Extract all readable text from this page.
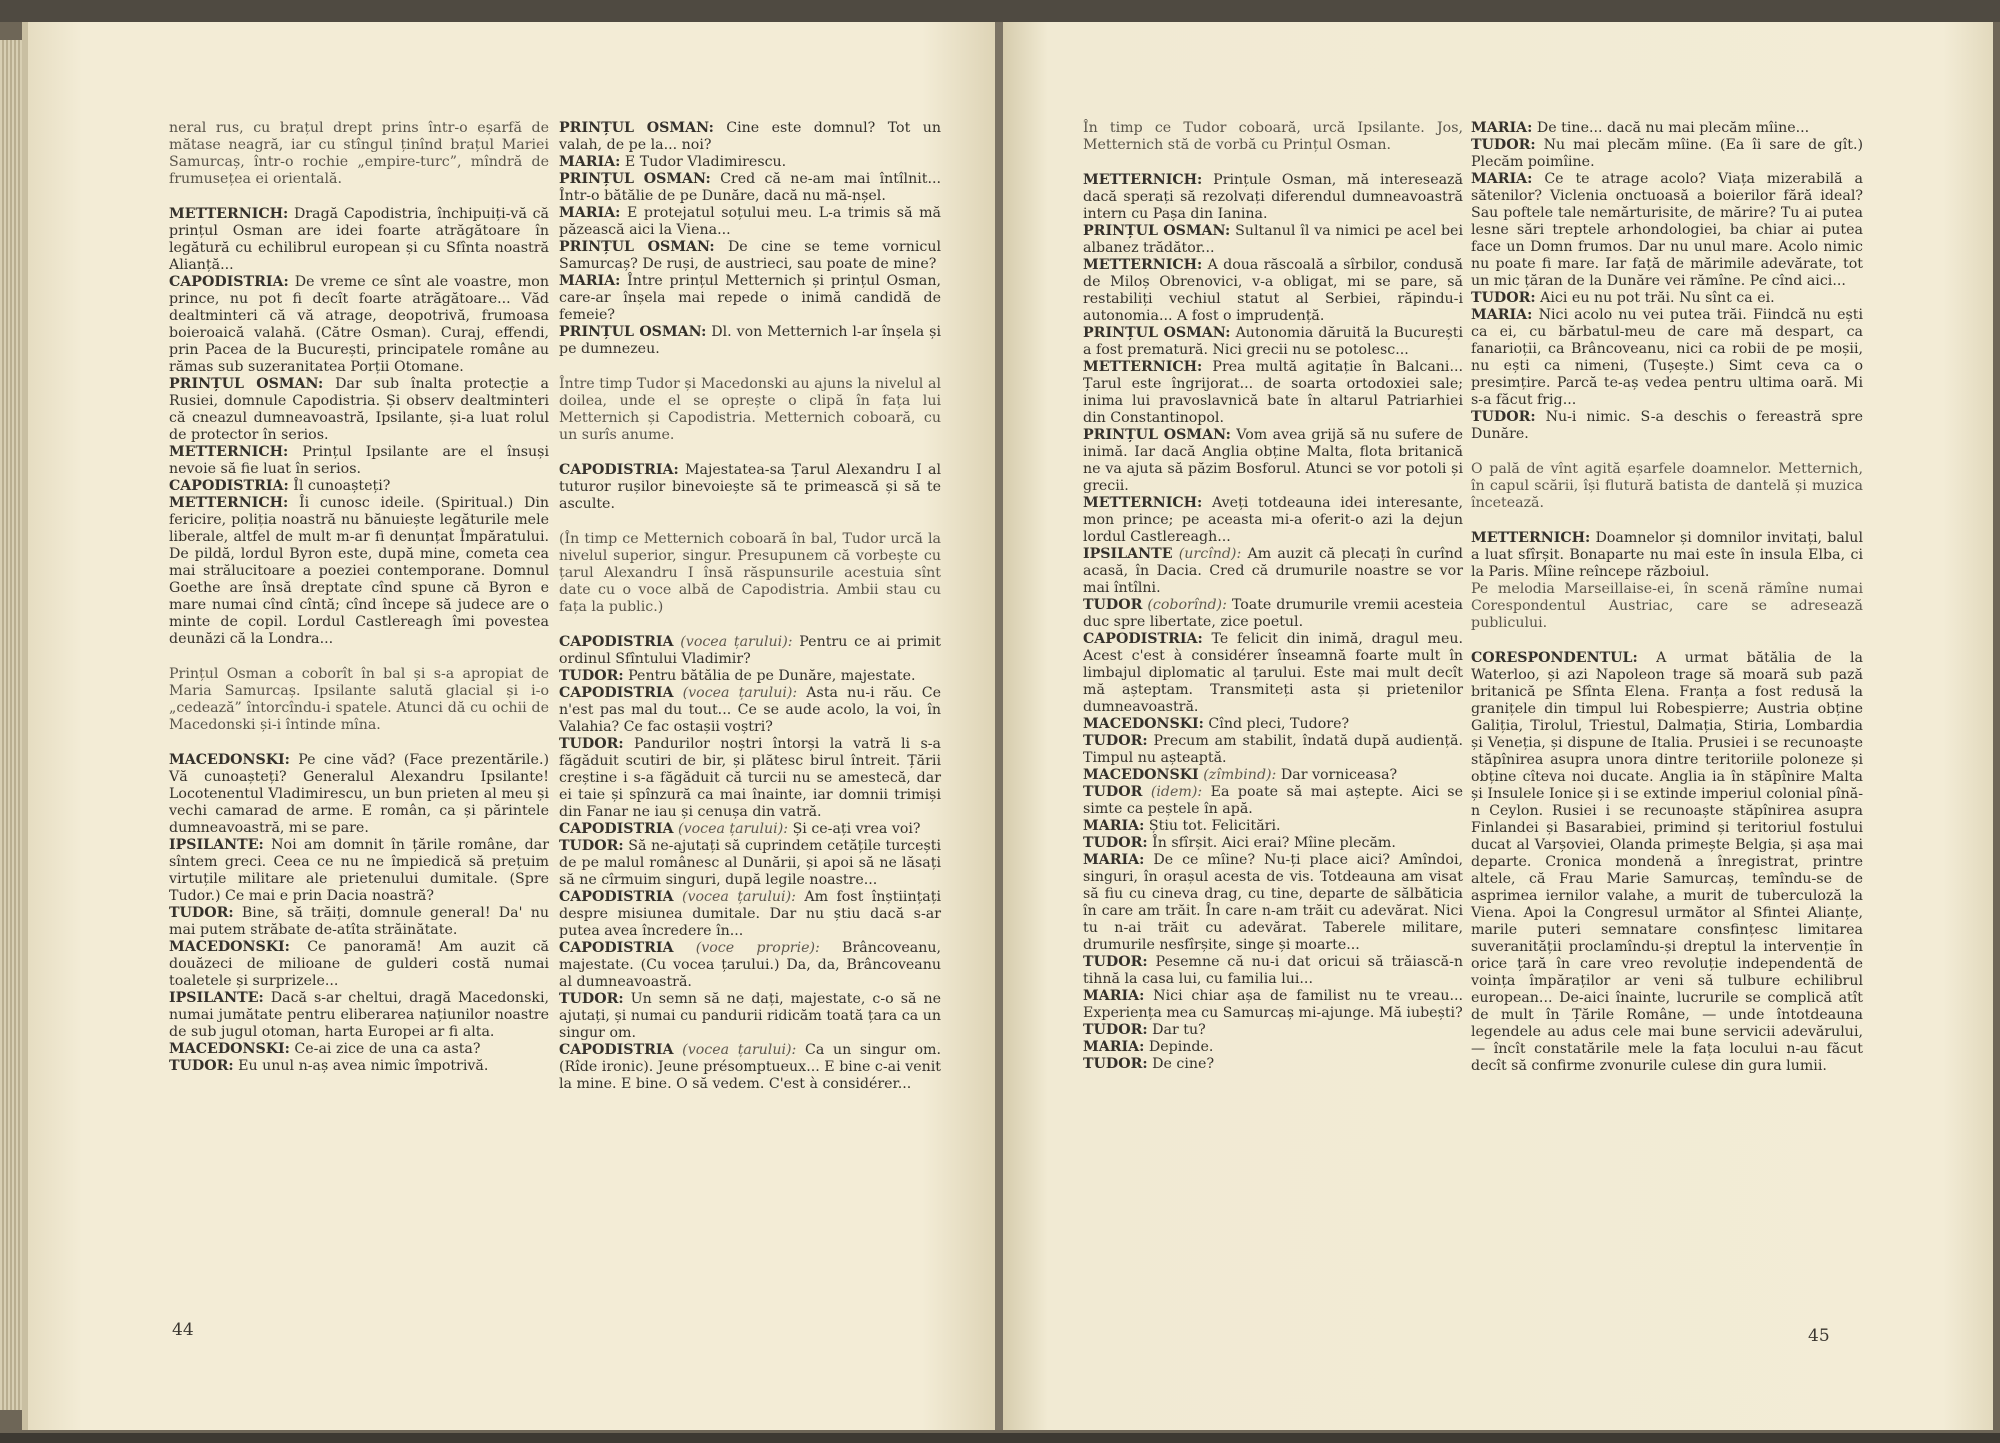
neral rus, cu brațul drept prins într-o eșarfă de mătase neagră, iar cu stîngul ținînd brațul Mariei Samurcaș, într-o rochie „empire-turc”, mîndră de frumusețea ei orientală.

METTERNICH: Dragă Capodistria, închipuiți-vă că prințul Osman are idei foarte atrăgătoare în legătură cu echilibrul european și cu Sfînta noastră Alianță...

CAPODISTRIA: De vreme ce sînt ale voastre, mon prince, nu pot fi decît foarte atrăgătoare... Văd dealtminteri că vă atrage, deopotrivă, frumoasa boieroaică valahă. (Către Osman). Curaj, effendi, prin Pacea de la București, principatele române au rămas sub suzeranitatea Porții Otomane.

PRINȚUL OSMAN: Dar sub înalta protecție a Rusiei, domnule Capodistria. Și observ dealtminteri că cneazul dumneavoastră, Ipsilante, și-a luat rolul de protector în serios.

METTERNICH: Prințul Ipsilante are el însuși nevoie să fie luat în serios.

CAPODISTRIA: Îl cunoașteți?

METTERNICH: Îi cunosc ideile. (Spiritual.) Din fericire, poliția noastră nu bănuiește legăturile mele liberale, altfel de mult m-ar fi denunțat Împăratului. De pildă, lordul Byron este, după mine, cometa cea mai strălucitoare a poeziei contemporane. Domnul Goethe are însă dreptate cînd spune că Byron e mare numai cînd cîntă; cînd începe să judece are o minte de copil. Lordul Castlereagh îmi povestea deunăzi că la Londra...

Prințul Osman a coborît în bal și s-a apropiat de Maria Samurcaș. Ipsilante salută glacial și i-o „cedează” întorcîndu-i spatele. Atunci dă cu ochii de Macedonski și-i întinde mîna.

MACEDONSKI: Pe cine văd? (Face prezentările.) Vă cunoașteți? Generalul Alexandru Ipsilante! Locotenentul Vladimirescu, un bun prieten al meu și vechi camarad de arme. E român, ca și părintele dumneavoastră, mi se pare.

IPSILANTE: Noi am domnit în țările române, dar sîntem greci. Ceea ce nu ne împiedică să prețuim virtuțile militare ale prietenului dumitale. (Spre Tudor.) Ce mai e prin Dacia noastră?

TUDOR: Bine, să trăiți, domnule general! Da' nu mai putem străbate de-atîta străinătate.

MACEDONSKI: Ce panoramă! Am auzit că douăzeci de milioane de gulderi costă numai toaletele și surprizele...

IPSILANTE: Dacă s-ar cheltui, dragă Macedonski, numai jumătate pentru eliberarea națiunilor noastre de sub jugul otoman, harta Europei ar fi alta.

MACEDONSKI: Ce-ai zice de una ca asta?

TUDOR: Eu unul n-aș avea nimic împotrivă.

PRINȚUL OSMAN: Cine este domnul? Tot un valah, de pe la... noi?

MARIA: E Tudor Vladimirescu.

PRINȚUL OSMAN: Cred că ne-am mai întîlnit... Într-o bătălie de pe Dunăre, dacă nu mă-nșel.

MARIA: E protejatul soțului meu. L-a trimis să mă păzească aici la Viena...

PRINȚUL OSMAN: De cine se teme vornicul Samurcaș? De ruși, de austrieci, sau poate de mine?

MARIA: Între prințul Metternich și prințul Osman, care-ar înșela mai repede o inimă candidă de femeie?

PRINȚUL OSMAN: Dl. von Metternich l-ar înșela și pe dumnezeu.

Între timp Tudor și Macedonski au ajuns la nivelul al doilea, unde el se oprește o clipă în fața lui Metternich și Capodistria. Metternich coboară, cu un surîs anume.

CAPODISTRIA: Majestatea-sa Țarul Alexandru I al tuturor rușilor binevoiește să te primească și să te asculte.

(În timp ce Metternich coboară în bal, Tudor urcă la nivelul superior, singur. Presupunem că vorbește cu țarul Alexandru I însă răspunsurile acestuia sînt date cu o voce albă de Capodistria. Ambii stau cu fața la public.)

CAPODISTRIA (vocea țarului): Pentru ce ai primit ordinul Sfîntului Vladimir?

TUDOR: Pentru bătălia de pe Dunăre, majestate.

CAPODISTRIA (vocea țarului): Asta nu-i rău. Ce n'est pas mal du tout... Ce se aude acolo, la voi, în Valahia? Ce fac ostașii voștri?

TUDOR: Pandurilor noștri întorși la vatră li s-a făgăduit scutiri de bir, și plătesc birul întreit. Țării creștine i s-a făgăduit că turcii nu se amestecă, dar ei taie și spînzură ca mai înainte, iar domnii trimiși din Fanar ne iau și cenușa din vatră.

CAPODISTRIA (vocea țarului): Și ce-ați vrea voi?

TUDOR: Să ne-ajutați să cuprindem cetățile turcești de pe malul românesc al Dunării, și apoi să ne lăsați să ne cîrmuim singuri, după legile noastre...

CAPODISTRIA (vocea țarului): Am fost înștiințați despre misiunea dumitale. Dar nu știu dacă s-ar putea avea încredere în...

CAPODISTRIA (voce proprie): Brâncoveanu, majestate. (Cu vocea țarului.) Da, da, Brâncoveanu al dumneavoastră.

TUDOR: Un semn să ne dați, majestate, c-o să ne ajutați, și numai cu pandurii ridicăm toată țara ca un singur om.

CAPODISTRIA (vocea țarului): Ca un singur om. (Rîde ironic). Jeune présomptueux... E bine c-ai venit la mine. E bine. O să vedem. C'est à considérer...

44

În timp ce Tudor coboară, urcă Ipsilante. Jos, Metternich stă de vorbă cu Prințul Osman.

METTERNICH: Prințule Osman, mă interesează dacă sperați să rezolvați diferendul dumneavoastră intern cu Pașa din Ianina.

PRINȚUL OSMAN: Sultanul îl va nimici pe acel bei albanez trădător...

METTERNICH: A doua răscoală a sîrbilor, condusă de Miloș Obrenovici, v-a obligat, mi se pare, să restabiliți vechiul statut al Serbiei, răpindu-i autonomia... A fost o imprudență.

PRINȚUL OSMAN: Autonomia dăruită la București a fost prematură. Nici grecii nu se potolesc...

METTERNICH: Prea multă agitație în Balcani... Țarul este îngrijorat... de soarta ortodoxiei sale; inima lui pravoslavnică bate în altarul Patriarhiei din Constantinopol.

PRINȚUL OSMAN: Vom avea grijă să nu sufere de inimă. Iar dacă Anglia obține Malta, flota britanică ne va ajuta să păzim Bosforul. Atunci se vor potoli și grecii.

METTERNICH: Aveți totdeauna idei interesante, mon prince; pe aceasta mi-a oferit-o azi la dejun lordul Castlereagh...

IPSILANTE (urcînd): Am auzit că plecați în curînd acasă, în Dacia. Cred că drumurile noastre se vor mai întîlni.

TUDOR (coborînd): Toate drumurile vremii acesteia duc spre libertate, zice poetul.

CAPODISTRIA: Te felicit din inimă, dragul meu. Acest c'est à considérer înseamnă foarte mult în limbajul diplomatic al țarului. Este mai mult decît mă așteptam. Transmiteți asta și prietenilor dumneavoastră.

MACEDONSKI: Cînd pleci, Tudore?

TUDOR: Precum am stabilit, îndată după audiență. Timpul nu așteaptă.

MACEDONSKI (zîmbind): Dar vorniceasa?

TUDOR (idem): Ea poate să mai aștepte. Aici se simte ca peștele în apă.

MARIA: Știu tot. Felicitări.

TUDOR: În sfîrșit. Aici erai? Mîine plecăm.

MARIA: De ce mîine? Nu-ți place aici? Amîndoi, singuri, în orașul acesta de vis. Totdeauna am visat să fiu cu cineva drag, cu tine, departe de sălbăticia în care am trăit. În care n-am trăit cu adevărat. Nici tu n-ai trăit cu adevărat. Taberele militare, drumurile nesfîrșite, singe și moarte...

TUDOR: Pesemne că nu-i dat oricui să trăiască-n tihnă la casa lui, cu familia lui...

MARIA: Nici chiar așa de familist nu te vreau... Experiența mea cu Samurcaș mi-ajunge. Mă iubești?

TUDOR: Dar tu?

MARIA: Depinde.

TUDOR: De cine?

MARIA: De tine... dacă nu mai plecăm mîine...

TUDOR: Nu mai plecăm mîine. (Ea îi sare de gît.) Plecăm poimîine.

MARIA: Ce te atrage acolo? Viața mizerabilă a sătenilor? Viclenia onctuoasă a boierilor fără ideal? Sau poftele tale nemărturisite, de mărire? Tu ai putea lesne sări treptele arhondologiei, ba chiar ai putea face un Domn frumos. Dar nu unul mare. Acolo nimic nu poate fi mare. Iar față de mărimile adevărate, tot un mic țăran de la Dunăre vei rămîne. Pe cînd aici...

TUDOR: Aici eu nu pot trăi. Nu sînt ca ei.

MARIA: Nici acolo nu vei putea trăi. Fiindcă nu ești ca ei, cu bărbatul-meu de care mă despart, ca fanarioții, ca Brâncoveanu, nici ca robii de pe moșii, nu ești ca nimeni, (Tușește.) Simt ceva ca o presimțire. Parcă te-aș vedea pentru ultima oară. Mi s-a făcut frig...

TUDOR: Nu-i nimic. S-a deschis o fereastră spre Dunăre.

O pală de vînt agită eșarfele doamnelor. Metternich, în capul scării, își flutură batista de dantelă și muzica încetează.

METTERNICH: Doamnelor și domnilor invitați, balul a luat sfîrșit. Bonaparte nu mai este în insula Elba, ci la Paris. Mîine reîncepe războiul.

Pe melodia Marseillaise-ei, în scenă rămîne numai Corespondentul Austriac, care se adresează publicului.

CORESPONDENTUL: A urmat bătălia de la Waterloo, și azi Napoleon trage să moară sub pază britanică pe Sfînta Elena. Franța a fost redusă la granițele din timpul lui Robespierre; Austria obține Galiția, Tirolul, Triestul, Dalmația, Stiria, Lombardia și Veneția, și dispune de Italia. Prusiei i se recunoaște stăpînirea asupra unora dintre teritoriile poloneze și obține cîteva noi ducate. Anglia ia în stăpînire Malta și Insulele Ionice și i se extinde imperiul colonial pînă-n Ceylon. Rusiei i se recunoaște stăpînirea asupra Finlandei și Basarabiei, primind și teritoriul fostului ducat al Varșoviei, Olanda primește Belgia, și așa mai departe. Cronica mondenă a înregistrat, printre altele, că Frau Marie Samurcaș, temîndu-se de asprimea iernilor valahe, a murit de tuberculoză la Viena. Apoi la Congresul următor al Sfintei Alianțe, marile puteri semnatare consfințesc limitarea suveranității proclamîndu-și dreptul la intervenție în orice țară în care vreo revoluție independentă de voința împăraților ar veni să tulbure echilibrul european... De-aici înainte, lucrurile se complică atît de mult în Țările Române, — unde întotdeauna legendele au adus cele mai bune servicii adevărului, — încît constatările mele la fața locului n-au făcut decît să confirme zvonurile culese din gura lumii.

45
